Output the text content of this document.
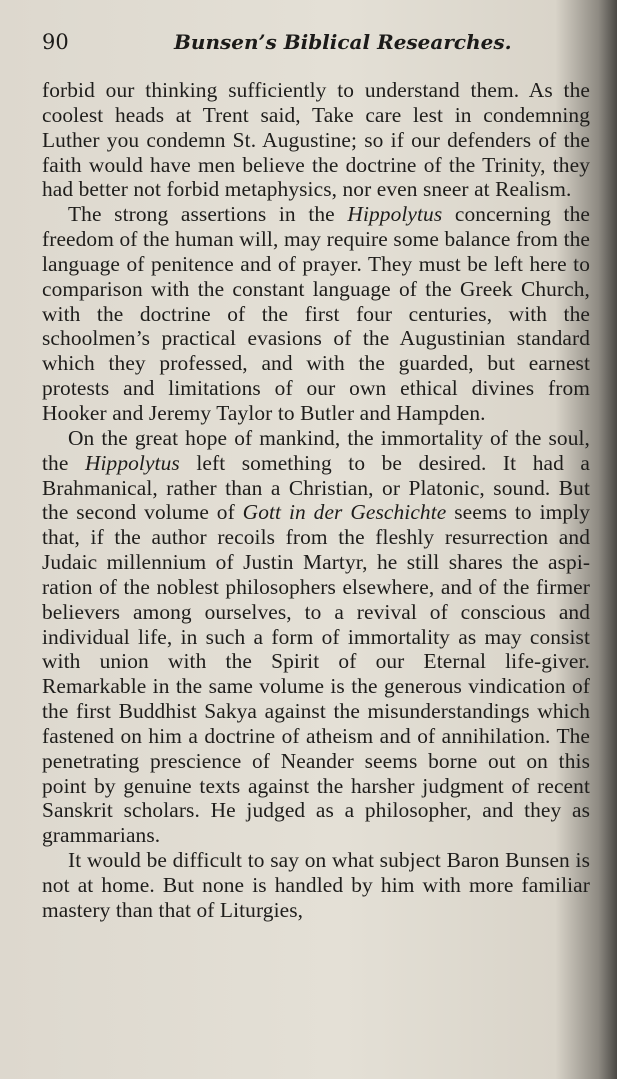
90	Bunsen’s Biblical Researches.

forbid our thinking sufficiently to understand them. As the coolest heads at Trent said, Take care lest in condemning Luther you condemn St. Augustine; so if our defenders of the faith would have men believe the doctrine of the Trinity, they had better not forbid metaphysics, nor even sneer at Realism.

The strong assertions in the Hippolytus concerning the freedom of the human will, may require some balance from the language of penitence and of prayer. They must be left here to comparison with the constant language of the Greek Church, with the doctrine of the first four centuries, with the schoolmen’s practical evasions of the Augustinian standard which they professed, and with the guarded, but earnest protests and limitations of our own ethical divines from Hooker and Jeremy Taylor to Butler and Hampden.

On the great hope of mankind, the immortality of the soul, the Hippolytus left something to be desired. It had a Brahmanical, rather than a Christian, or Platonic, sound. But the second volume of Gott in der Geschichte seems to imply that, if the author recoils from the fleshly resurrection and Judaic millennium of Justin Martyr, he still shares the aspiration of the noblest philosophers elsewhere, and of the firmer believers among ourselves, to a revival of conscious and individual life, in such a form of immortality as may consist with union with the Spirit of our Eternal life-giver. Remarkable in the same volume is the generous vindication of the first Buddhist Sakya against the misunderstandings which fastened on him a doctrine of atheism and of annihilation. The penetrating prescience of Neander seems borne out on this point by genuine texts against the harsher judgment of recent Sanskrit scholars. He judged as a philosopher, and they as grammarians.

It would be difficult to say on what subject Baron Bunsen is not at home. But none is handled by him with more familiar mastery than that of Liturgies,
